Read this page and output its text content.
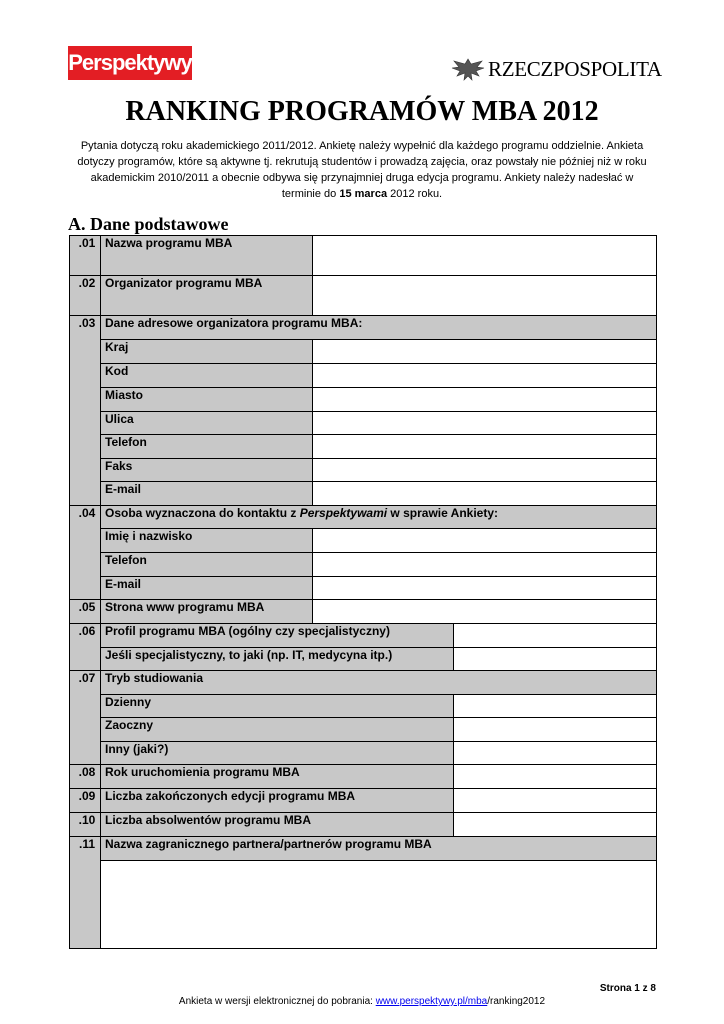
Perspektywy	RZECZPOSPOLITA
RANKING PROGRAMÓW MBA 2012
Pytania dotyczą roku akademickiego 2011/2012. Ankietę należy wypełnić dla każdego programu oddzielnie. Ankieta
dotyczy programów, które są aktywne tj. rekrutują studentów i prowadzą zajęcia, oraz powstały nie później niż w roku
akademickim 2010/2011 a obecnie odbywa się przynajmniej druga edycja programu. Ankiety należy nadesłać w
terminie do 15 marca 2012 roku.
A. Dane podstawowe
.01	Nazwa programu MBA		
.02	Organizator programu MBA		
.03	Dane adresowe organizatora programu MBA:		
	Kraj		
	Kod		
	Miasto		
	Ulica		
	Telefon		
	Faks		
	E-mail		
.04	Osoba wyznaczona do kontaktu z Perspektywami w sprawie Ankiety:		
	Imię i nazwisko		
	Telefon		
	E-mail		
.05	Strona www programu MBA		
.06	Profil programu MBA (ogólny czy specjalistyczny)		
	Jeśli specjalistyczny, to jaki (np. IT, medycyna itp.)		
.07	Tryb studiowania		
	Dzienny		
	Zaoczny		
	Inny (jaki?)		
.08	Rok uruchomienia programu MBA		
.09	Liczba zakończonych edycji programu MBA		
.10	Liczba absolwentów programu MBA		
.11	Nazwa zagranicznego partnera/partnerów programu MBA		

Strona 1 z 8
Ankieta w wersji elektronicznej do pobrania: www.perspektywy.pl/mba/ranking2012
